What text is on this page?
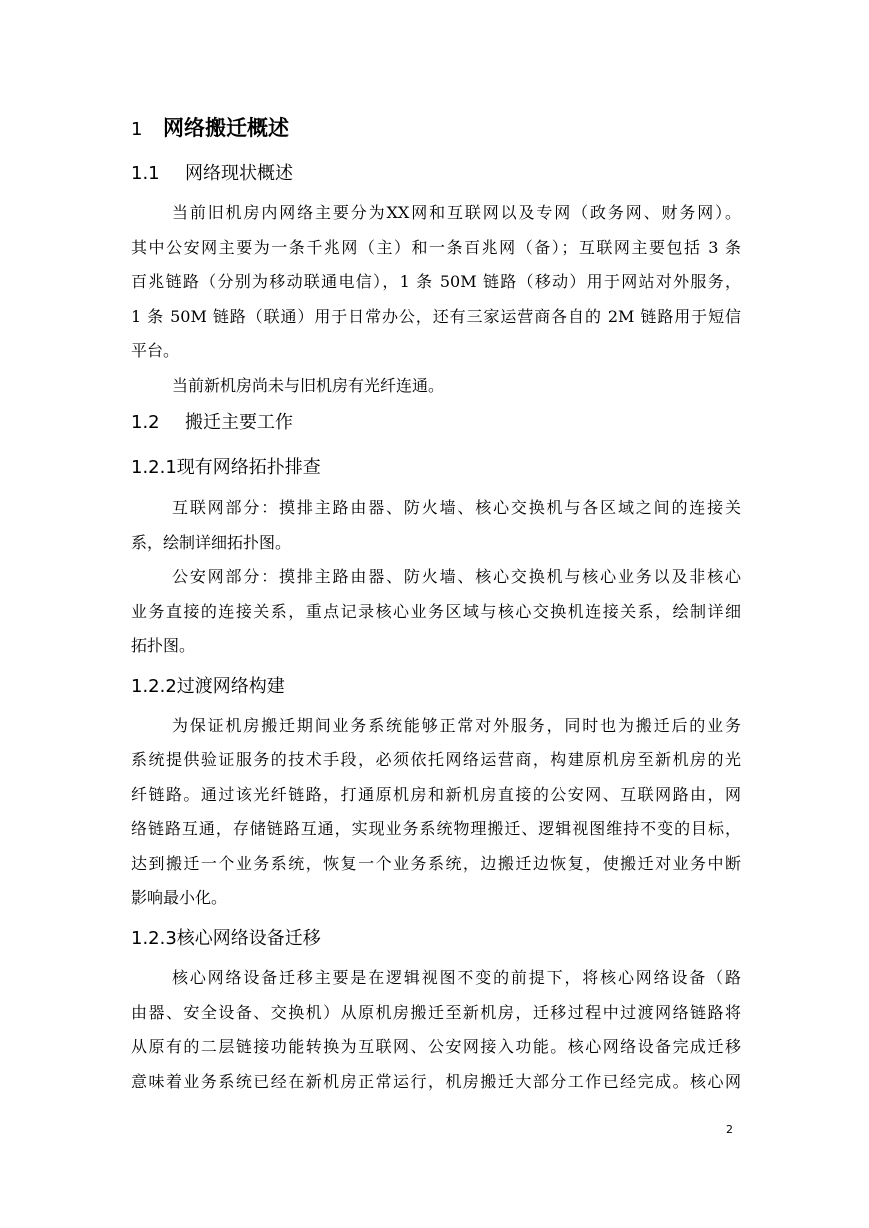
1 网络搬迁概述
1.1 网络现状概述
当前旧机房内网络主要分为XX网和互联网以及专网（政务网、财务网）。
其中公安网主要为一条千兆网（主）和一条百兆网（备）；互联网主要包括 3 条
百兆链路（分别为移动联通电信），1 条 50M 链路（移动）用于网站对外服务，
1 条 50M 链路（联通）用于日常办公，还有三家运营商各自的 2M 链路用于短信
平台。
当前新机房尚未与旧机房有光纤连通。
1.2 搬迁主要工作
1.2.1现有网络拓扑排查
互联网部分：摸排主路由器、防火墙、核心交换机与各区域之间的连接关
系，绘制详细拓扑图。
公安网部分：摸排主路由器、防火墙、核心交换机与核心业务以及非核心
业务直接的连接关系，重点记录核心业务区域与核心交换机连接关系，绘制详细
拓扑图。
1.2.2过渡网络构建
为保证机房搬迁期间业务系统能够正常对外服务，同时也为搬迁后的业务
系统提供验证服务的技术手段，必须依托网络运营商，构建原机房至新机房的光
纤链路。通过该光纤链路，打通原机房和新机房直接的公安网、互联网路由，网
络链路互通，存储链路互通，实现业务系统物理搬迁、逻辑视图维持不变的目标，
达到搬迁一个业务系统，恢复一个业务系统，边搬迁边恢复，使搬迁对业务中断
影响最小化。
1.2.3核心网络设备迁移
核心网络设备迁移主要是在逻辑视图不变的前提下，将核心网络设备（路
由器、安全设备、交换机）从原机房搬迁至新机房，迁移过程中过渡网络链路将
从原有的二层链接功能转换为互联网、公安网接入功能。核心网络设备完成迁移
意味着业务系统已经在新机房正常运行，机房搬迁大部分工作已经完成。核心网
2
